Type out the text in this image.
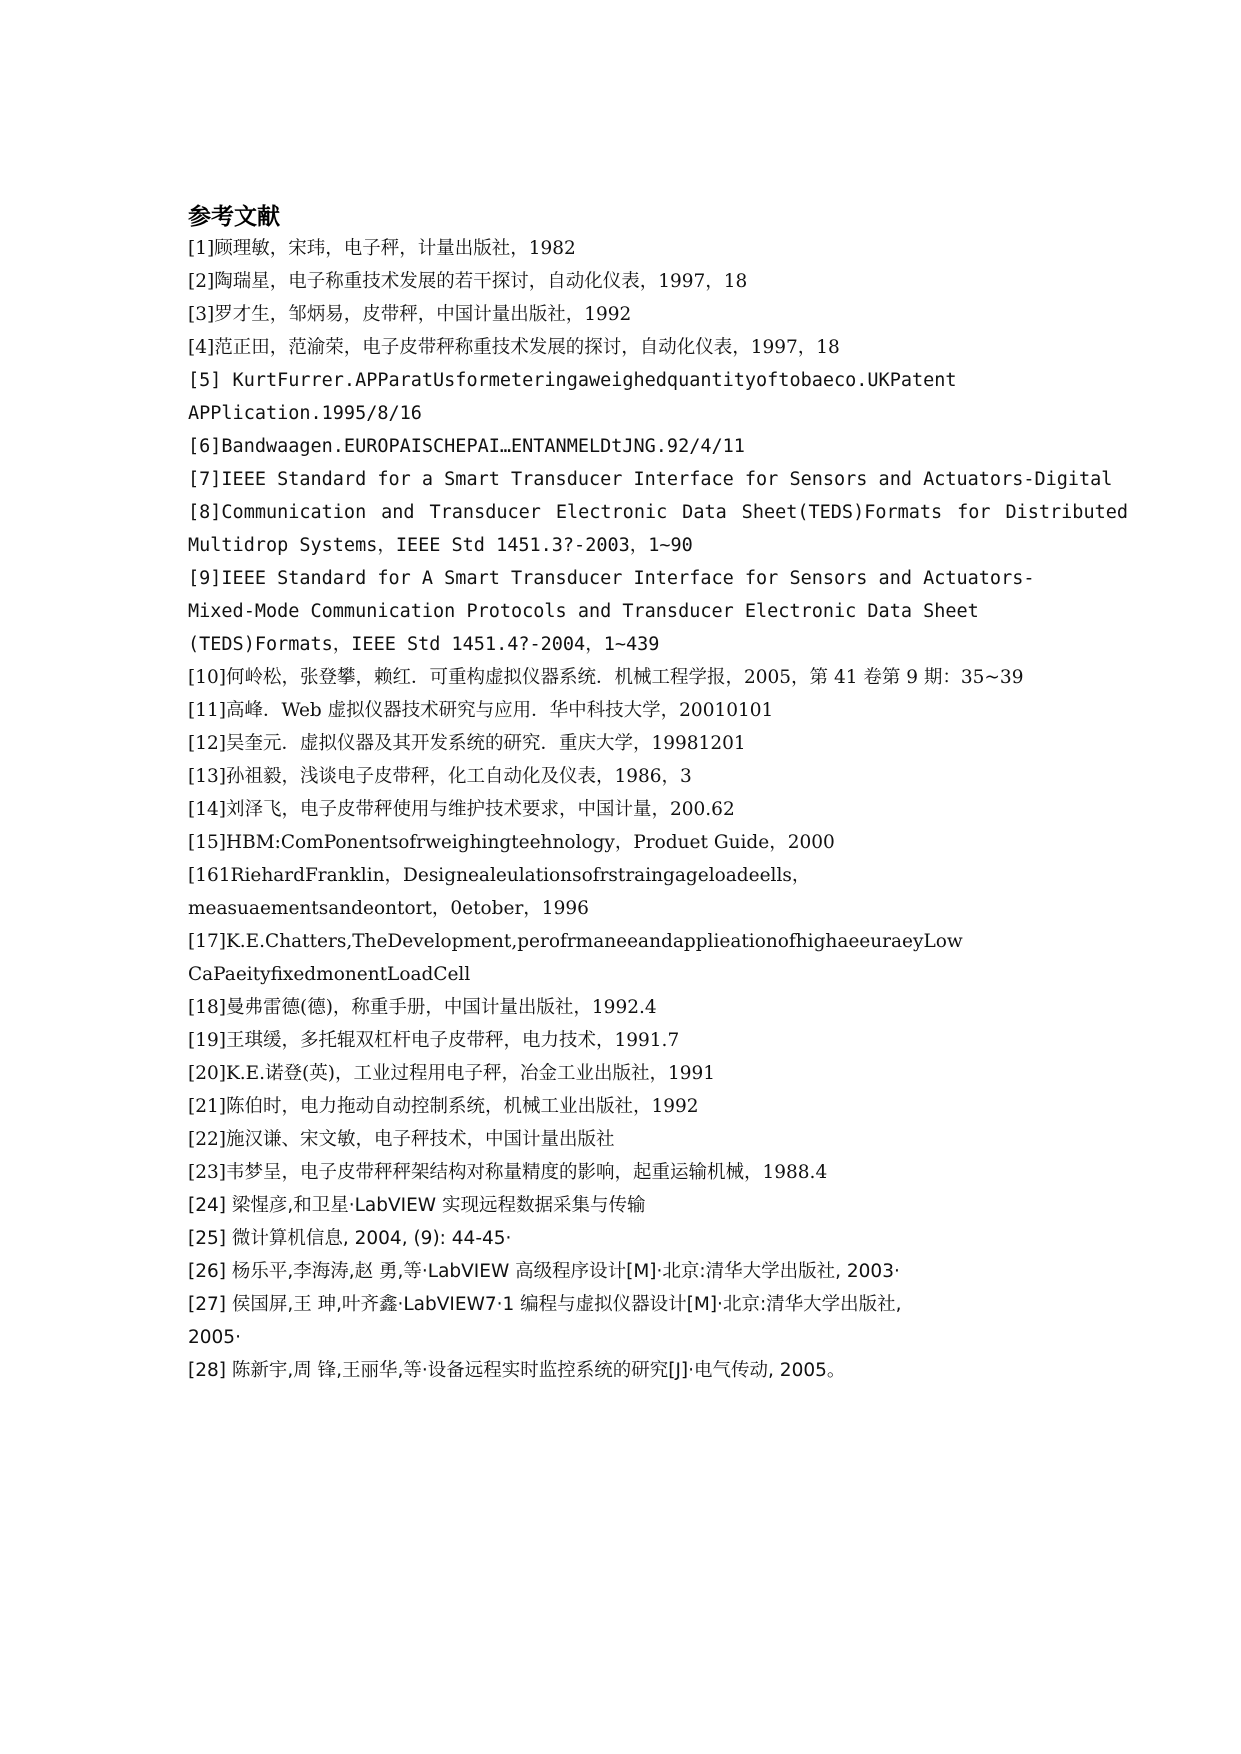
参考文献
[1]顾理敏，宋玮，电子秤，计量出版社，1982
[2]陶瑞星，电子称重技术发展的若干探讨，自动化仪表，1997，18
[3]罗才生，邹炳易，皮带秤，中国计量出版社，1992
[4]范正田，范渝荣，电子皮带秤称重技术发展的探讨，自动化仪表，1997，18
[5] KurtFurrer.APParatUsformeteringaweighedquantityoftobaeco.UKPatent
APPlication.1995/8/16
[6]Bandwaagen.EUROPAISCHEPAI…ENTANMELDtJNG.92/4/11
[7]IEEE Standard for a Smart Transducer Interface for Sensors and Actuators-Digital
[8]Communication and Transducer Electronic Data Sheet(TEDS)Formats for Distributed
Multidrop Systems，IEEE Std 1451.3?-2003，1~90
[9]IEEE Standard for A Smart Transducer Interface for Sensors and Actuators-
Mixed-Mode Communication Protocols and Transducer Electronic Data Sheet
(TEDS)Formats，IEEE Std 1451.4?-2004，1~439
[10]何岭松，张登攀，赖红．可重构虚拟仪器系统．机械工程学报，2005，第 41 卷第 9 期：35~39
[11]高峰．Web 虚拟仪器技术研究与应用．华中科技大学，20010101
[12]吴奎元．虚拟仪器及其开发系统的研究．重庆大学，19981201
[13]孙祖毅，浅谈电子皮带秤，化工自动化及仪表，1986，3
[14]刘泽飞，电子皮带秤使用与维护技术要求，中国计量，200.62
[15]HBM:ComPonentsofrweighingteehnology，Produet Guide，2000
[161RiehardFranklin，Designealeulationsofrstraingageloadeells，
measuaementsandeontort，0etober，1996
[17]K.E.Chatters,TheDevelopment,perofrmaneeandapplieationofhighaeeuraeyLow
CaPaeityfixedmonentLoadCell
[18]曼弗雷德(德)，称重手册，中国计量出版社，1992.4
[19]王琪缓，多托辊双杠杆电子皮带秤，电力技术，1991.7
[20]K.E.诺登(英)，工业过程用电子秤，冶金工业出版社，1991
[21]陈伯时，电力拖动自动控制系统，机械工业出版社，1992
[22]施汉谦、宋文敏，电子秤技术，中国计量出版社
[23]韦梦呈，电子皮带秤秤架结构对称量精度的影响，起重运输机械，1988.4
[24] 梁惺彦,和卫星·LabVIEW 实现远程数据采集与传输
[25] 微计算机信息, 2004, (9): 44-45·
[26] 杨乐平,李海涛,赵 勇,等·LabVIEW 高级程序设计[M]·北京:清华大学出版社, 2003·
[27] 侯国屏,王 珅,叶齐鑫·LabVIEW7·1 编程与虚拟仪器设计[M]·北京:清华大学出版社,
2005·
[28] 陈新宇,周 锋,王丽华,等·设备远程实时监控系统的研究[J]·电气传动, 2005。
